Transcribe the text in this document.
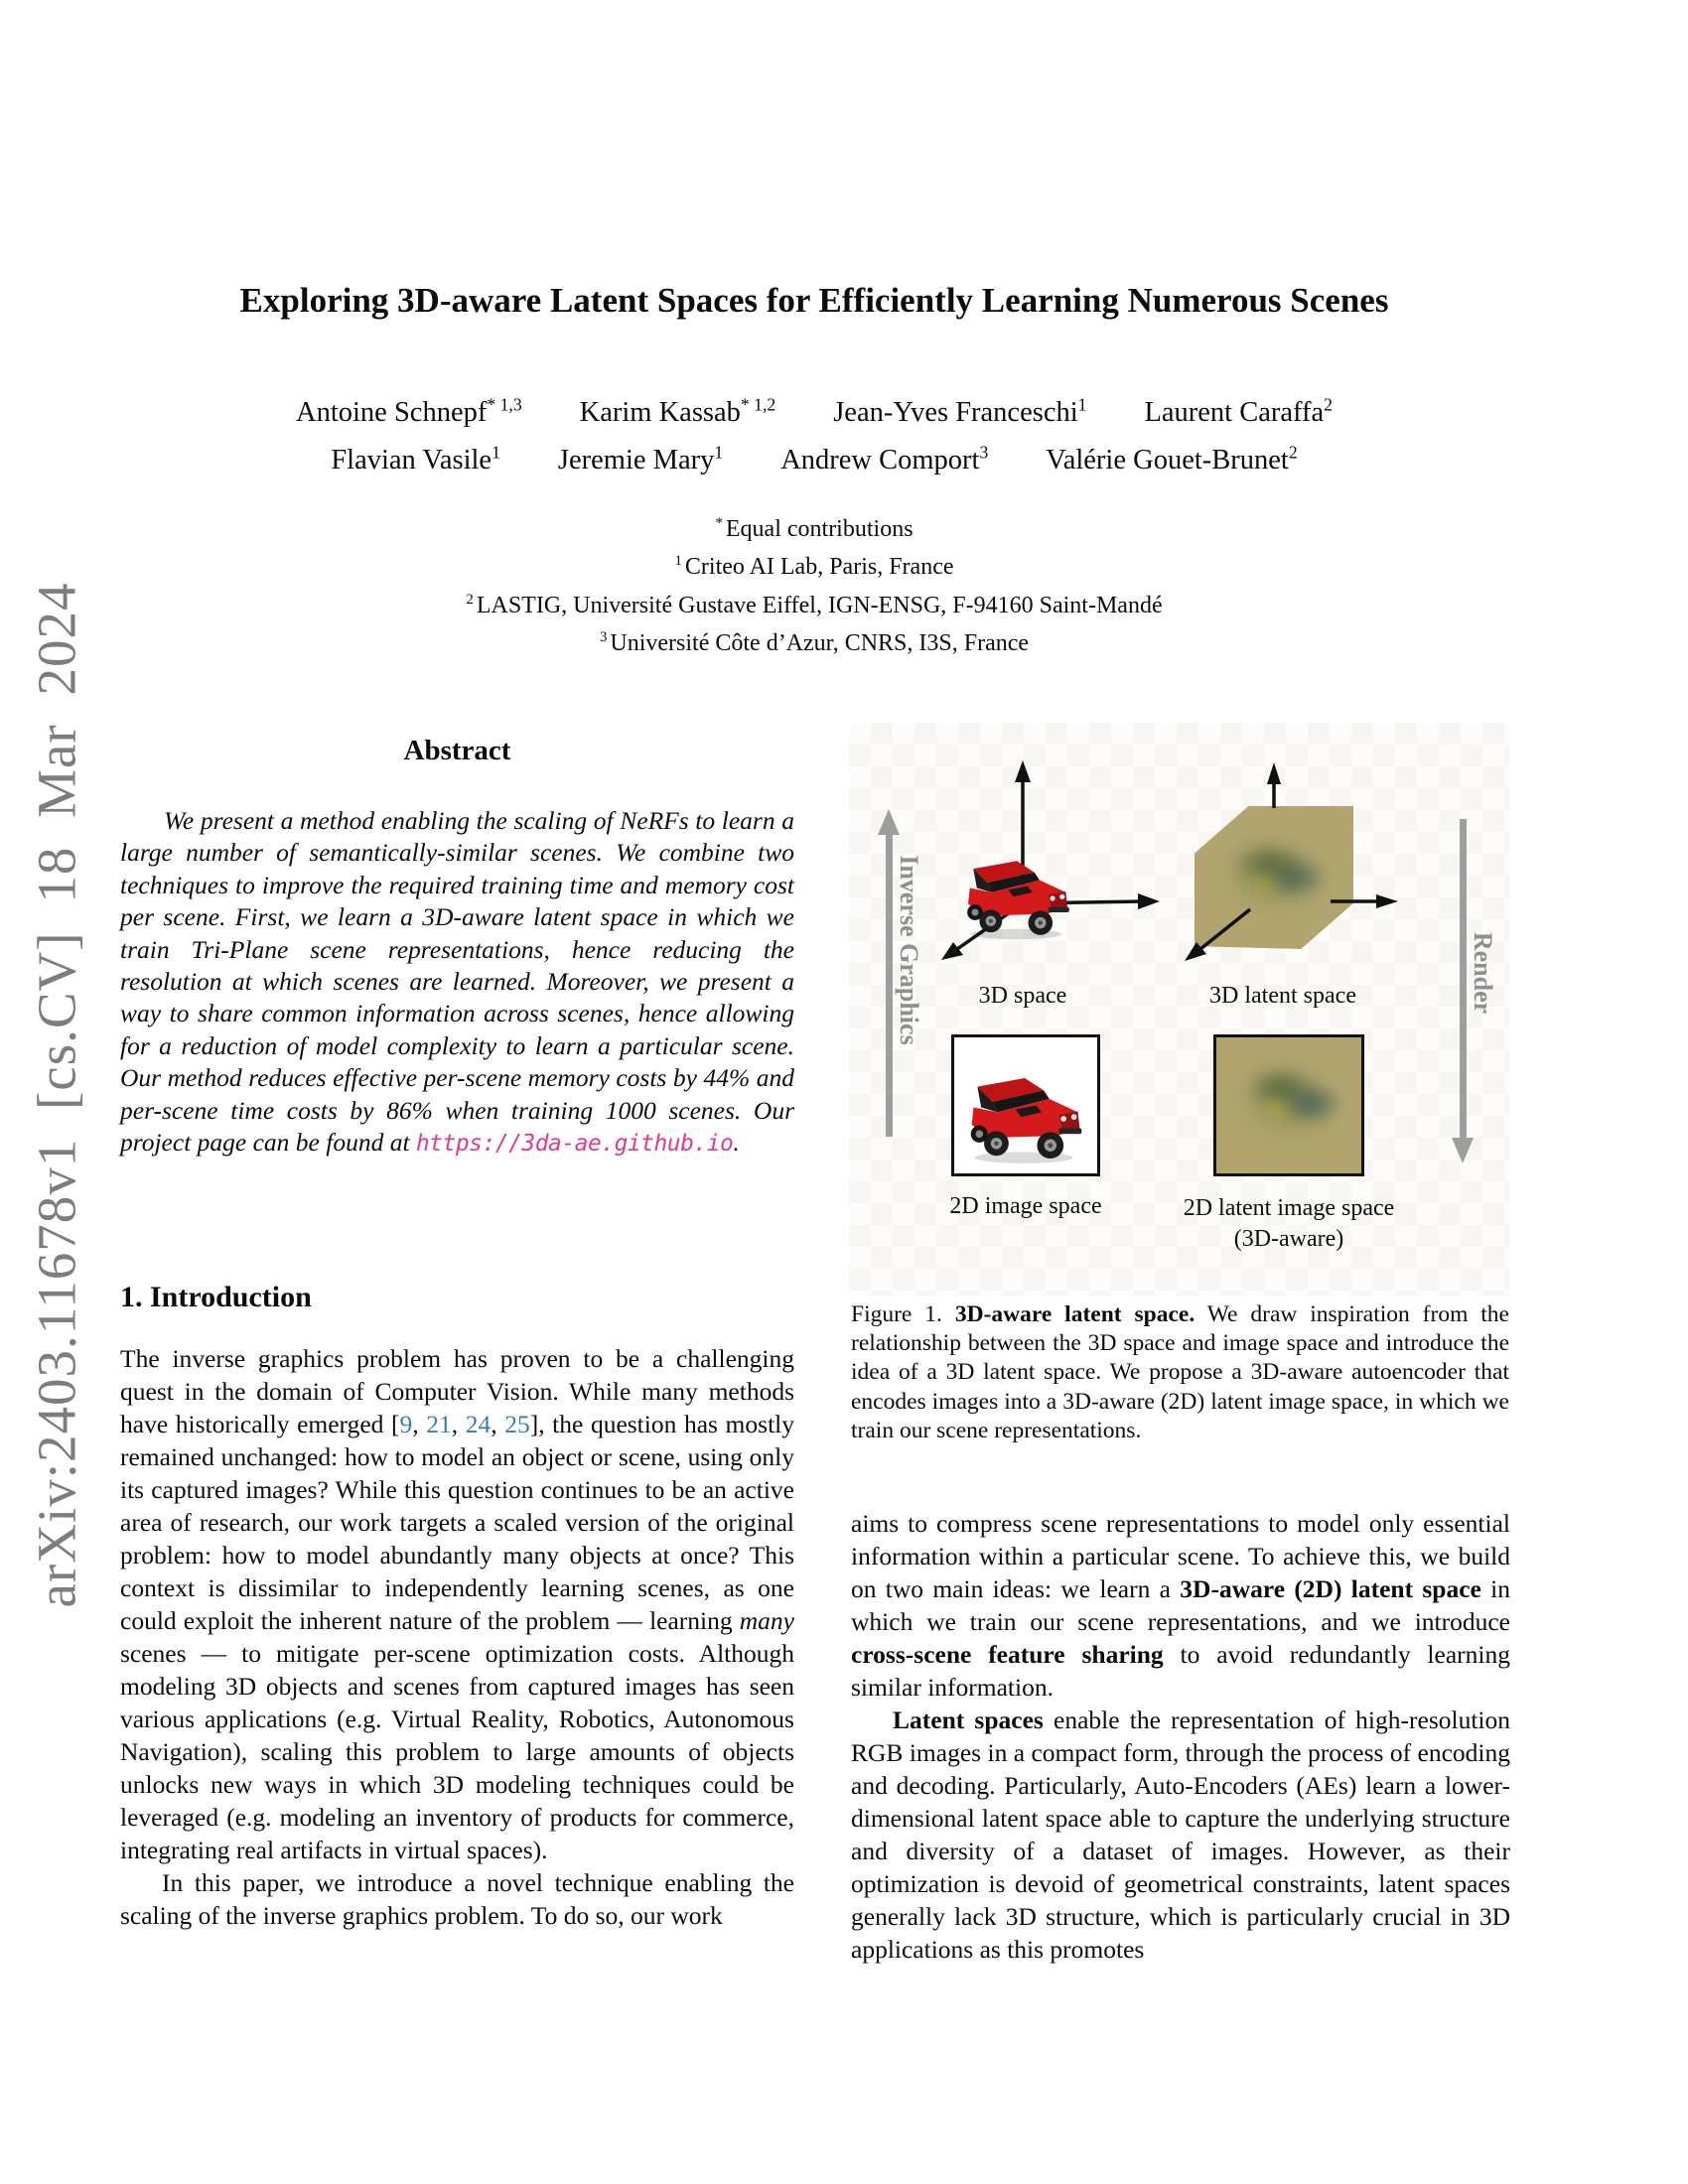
arXiv:2403.11678v1 [cs.CV] 18 Mar 2024
Exploring 3D-aware Latent Spaces for Efficiently Learning Numerous Scenes
Antoine Schnepf$^{* 1,3}$ Karim Kassab$^{* 1,2}$ Jean-Yves Franceschi$^1$ Laurent Caraffa$^2$
Flavian Vasile$^1$ Jeremie Mary$^1$ Andrew Comport$^3$ Valérie Gouet-Brunet$^2$
* Equal contributions
$^1$ Criteo AI Lab, Paris, France
$^2$ LASTIG, Université Gustave Eiffel, IGN-ENSG, F-94160 Saint-Mandé
$^3$ Université Côte d’Azur, CNRS, I3S, France
Abstract
We present a method enabling the scaling of NeRFs to learn a large number of semantically-similar scenes. We combine two techniques to improve the required training time and memory cost per scene. First, we learn a 3D-aware latent space in which we train Tri-Plane scene representations, hence reducing the resolution at which scenes are learned. Moreover, we present a way to share common information across scenes, hence allowing for a reduction of model complexity to learn a particular scene. Our method reduces effective per-scene memory costs by 44% and per-scene time costs by 86% when training 1000 scenes. Our project page can be found at https://3da-ae.github.io.
1. Introduction

The inverse graphics problem has proven to be a challenging quest in the domain of Computer Vision. While many methods have historically emerged [9, 21, 24, 25], the question has mostly remained unchanged: how to model an object or scene, using only its captured images? While this question continues to be an active area of research, our work targets a scaled version of the original problem: how to model abundantly many objects at once? This context is dissimilar to independently learning scenes, as one could exploit the inherent nature of the problem — learning many scenes — to mitigate per-scene optimization costs. Although modeling 3D objects and scenes from captured images has seen various applications (e.g. Virtual Reality, Robotics, Autonomous Navigation), scaling this problem to large amounts of objects unlocks new ways in which 3D modeling techniques could be leveraged (e.g. modeling an inventory of products for commerce, integrating real artifacts in virtual spaces).

In this paper, we introduce a novel technique enabling the scaling of the inverse graphics problem. To do so, our work

Inverse Graphics	Render
3D space	3D latent space
2D image space	2D latent image space
(3D-aware)
Figure 1. 3D-aware latent space. We draw inspiration from the relationship between the 3D space and image space and introduce the idea of a 3D latent space. We propose a 3D-aware autoencoder that encodes images into a 3D-aware (2D) latent image space, in which we train our scene representations.

aims to compress scene representations to model only essential information within a particular scene. To achieve this, we build on two main ideas: we learn a 3D-aware (2D) latent space in which we train our scene representations, and we introduce cross-scene feature sharing to avoid redundantly learning similar information.

Latent spaces enable the representation of high-resolution RGB images in a compact form, through the process of encoding and decoding. Particularly, Auto-Encoders (AEs) learn a lower-dimensional latent space able to capture the underlying structure and diversity of a dataset of images. However, as their optimization is devoid of geometrical constraints, latent spaces generally lack 3D structure, which is particularly crucial in 3D applications as this promotes
